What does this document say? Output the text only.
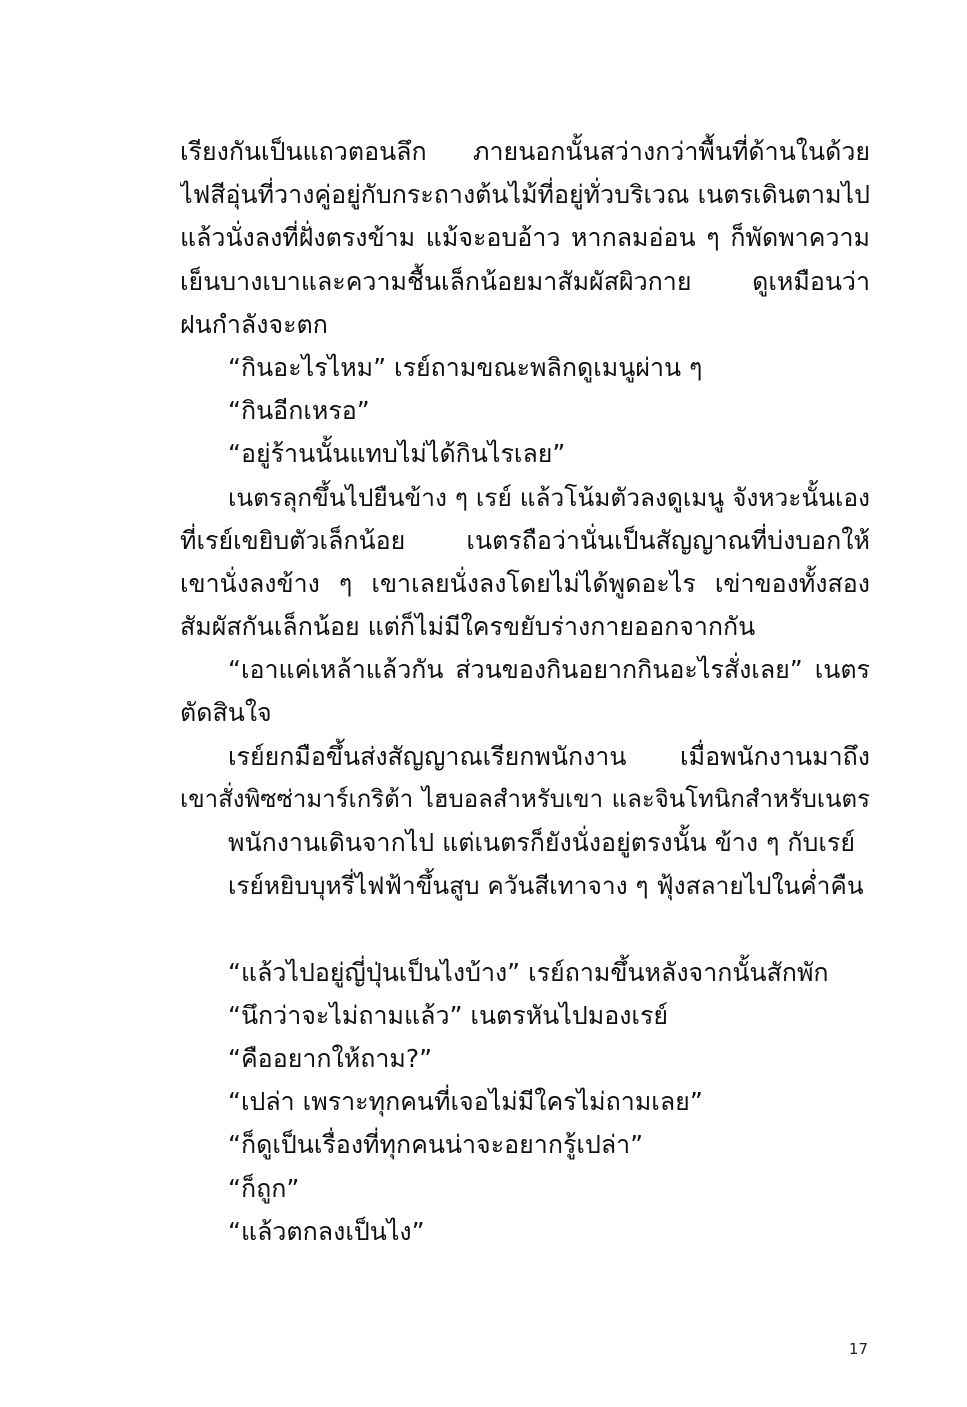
เรียงกันเป็นแถวตอนลึก ภายนอกนั้นสว่างกว่าพื้นที่ด้านในด้วย
ไฟสีอุ่นที่วางคู่อยู่กับกระถางต้นไม้ที่อยู่ทั่วบริเวณ เนตรเดินตามไป
แล้วนั่งลงที่ฝั่งตรงข้าม แม้จะอบอ้าว หากลมอ่อน ๆ ก็พัดพาความ
เย็นบางเบาและความชื้นเล็กน้อยมาสัมผัสผิวกาย ดูเหมือนว่า
ฝนกำลังจะตก
“กินอะไรไหม” เรย์ถามขณะพลิกดูเมนูผ่าน ๆ
“กินอีกเหรอ”
“อยู่ร้านนั้นแทบไม่ได้กินไรเลย”
เนตรลุกขึ้นไปยืนข้าง ๆ เรย์ แล้วโน้มตัวลงดูเมนู จังหวะนั้นเอง
ที่เรย์เขยิบตัวเล็กน้อย เนตรถือว่านั่นเป็นสัญญาณที่บ่งบอกให้
เขานั่งลงข้าง ๆ เขาเลยนั่งลงโดยไม่ได้พูดอะไร เข่าของทั้งสอง
สัมผัสกันเล็กน้อย แต่ก็ไม่มีใครขยับร่างกายออกจากกัน
“เอาแค่เหล้าแล้วกัน ส่วนของกินอยากกินอะไรสั่งเลย” เนตร
ตัดสินใจ
เรย์ยกมือขึ้นส่งสัญญาณเรียกพนักงาน เมื่อพนักงานมาถึง
เขาสั่งพิซซ่ามาร์เกริต้า ไฮบอลสำหรับเขา และจินโทนิกสำหรับเนตร
พนักงานเดินจากไป แต่เนตรก็ยังนั่งอยู่ตรงนั้น ข้าง ๆ กับเรย์
เรย์หยิบบุหรี่ไฟฟ้าขึ้นสูบ ควันสีเทาจาง ๆ ฟุ้งสลายไปในค่ำคืน
“แล้วไปอยู่ญี่ปุ่นเป็นไงบ้าง” เรย์ถามขึ้นหลังจากนั้นสักพัก
“นึกว่าจะไม่ถามแล้ว” เนตรหันไปมองเรย์
“คืออยากให้ถาม?”
“เปล่า เพราะทุกคนที่เจอไม่มีใครไม่ถามเลย”
“ก็ดูเป็นเรื่องที่ทุกคนน่าจะอยากรู้เปล่า”
“ก็ถูก”
“แล้วตกลงเป็นไง”
17
